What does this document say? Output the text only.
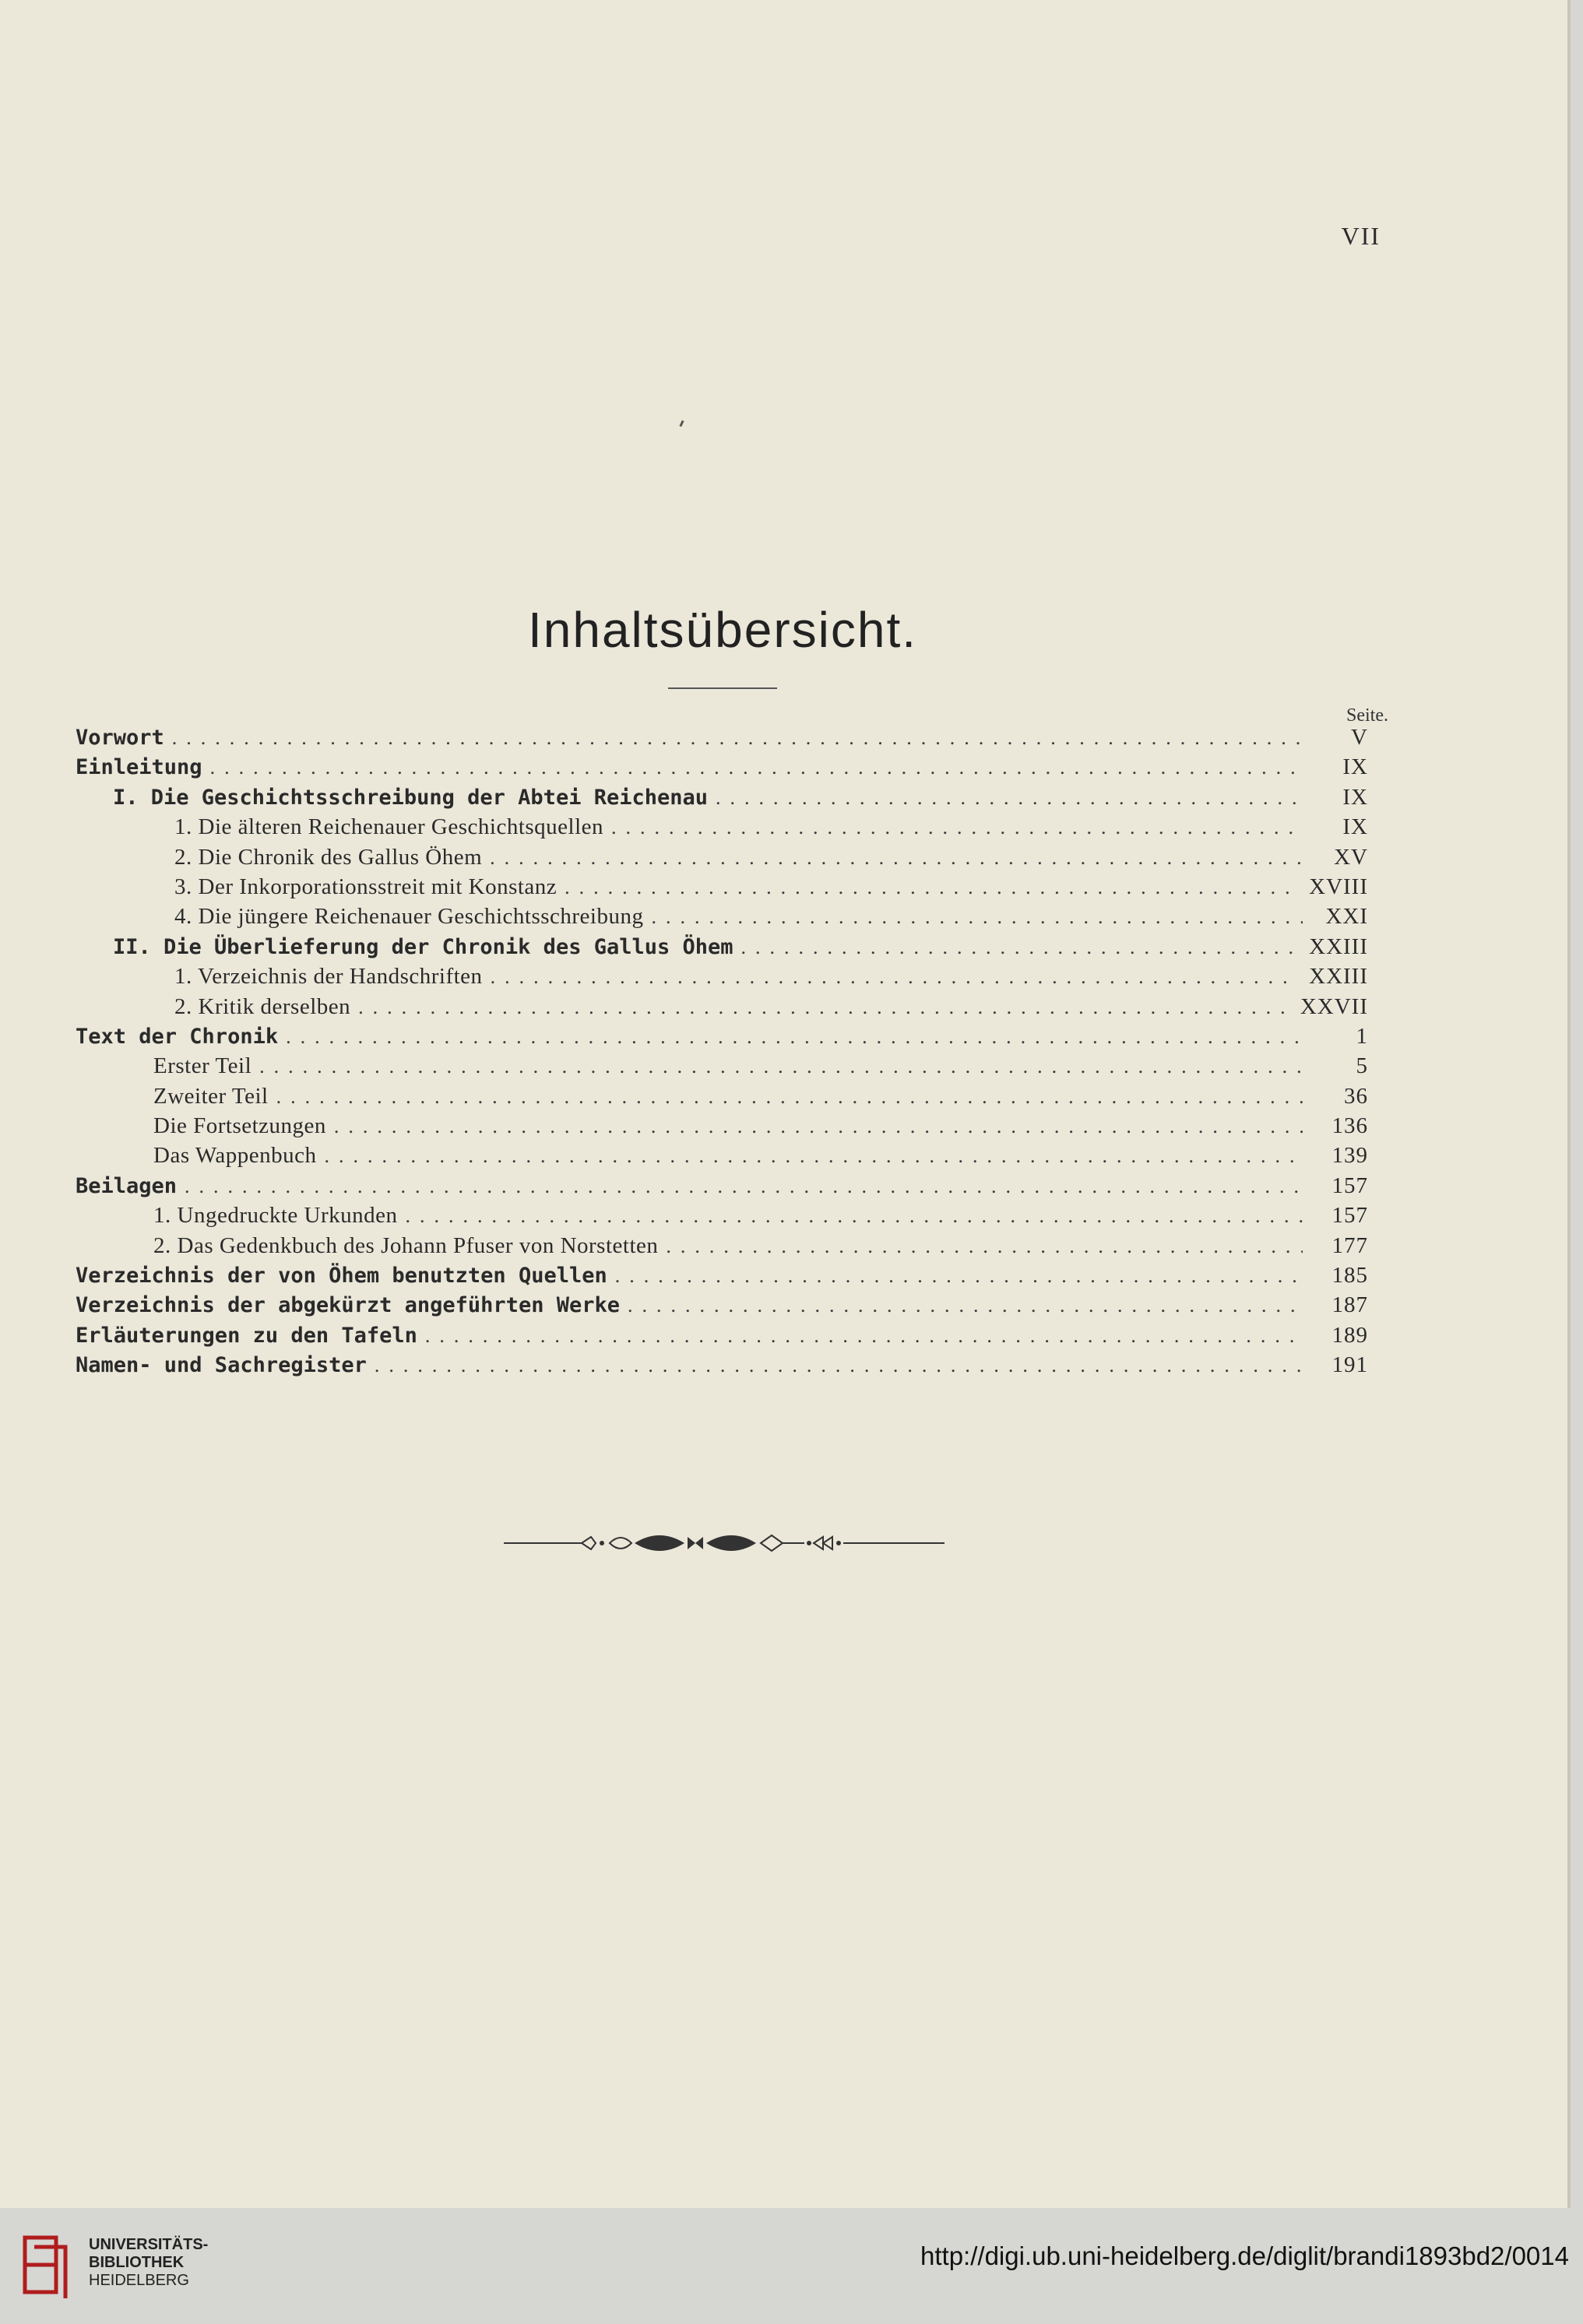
VII
Inhaltsübersicht.
Seite.
Vorwort .....	V
Einleitung .....	IX
I. Die Geschichtsschreibung der Abtei Reichenau .....	IX
1. Die älteren Reichenauer Geschichtsquellen .....	IX
2. Die Chronik des Gallus Öhem .....	XV
3. Der Inkorporationsstreit mit Konstanz .....	XVIII
4. Die jüngere Reichenauer Geschichtsschreibung .....	XXI
II. Die Überlieferung der Chronik des Gallus Öhem .....	XXIII
1. Verzeichnis der Handschriften .....	XXIII
2. Kritik derselben .....	XXVII
Text der Chronik .....	1
Erster Teil .....	5
Zweiter Teil .....	36
Die Fortsetzungen .....	136
Das Wappenbuch .....	139
Beilagen .....	157
1. Ungedruckte Urkunden .....	157
2. Das Gedenkbuch des Johann Pfuser von Norstetten .....	177
Verzeichnis der von Öhem benutzten Quellen .....	185
Verzeichnis der abgekürzt angeführten Werke .....	187
Erläuterungen zu den Tafeln .....	189
Namen- und Sachregister .....	191
UNIVERSITÄTS-
BIBLIOTHEK
HEIDELBERG
http://digi.ub.uni-heidelberg.de/diglit/brandi1893bd2/0014
